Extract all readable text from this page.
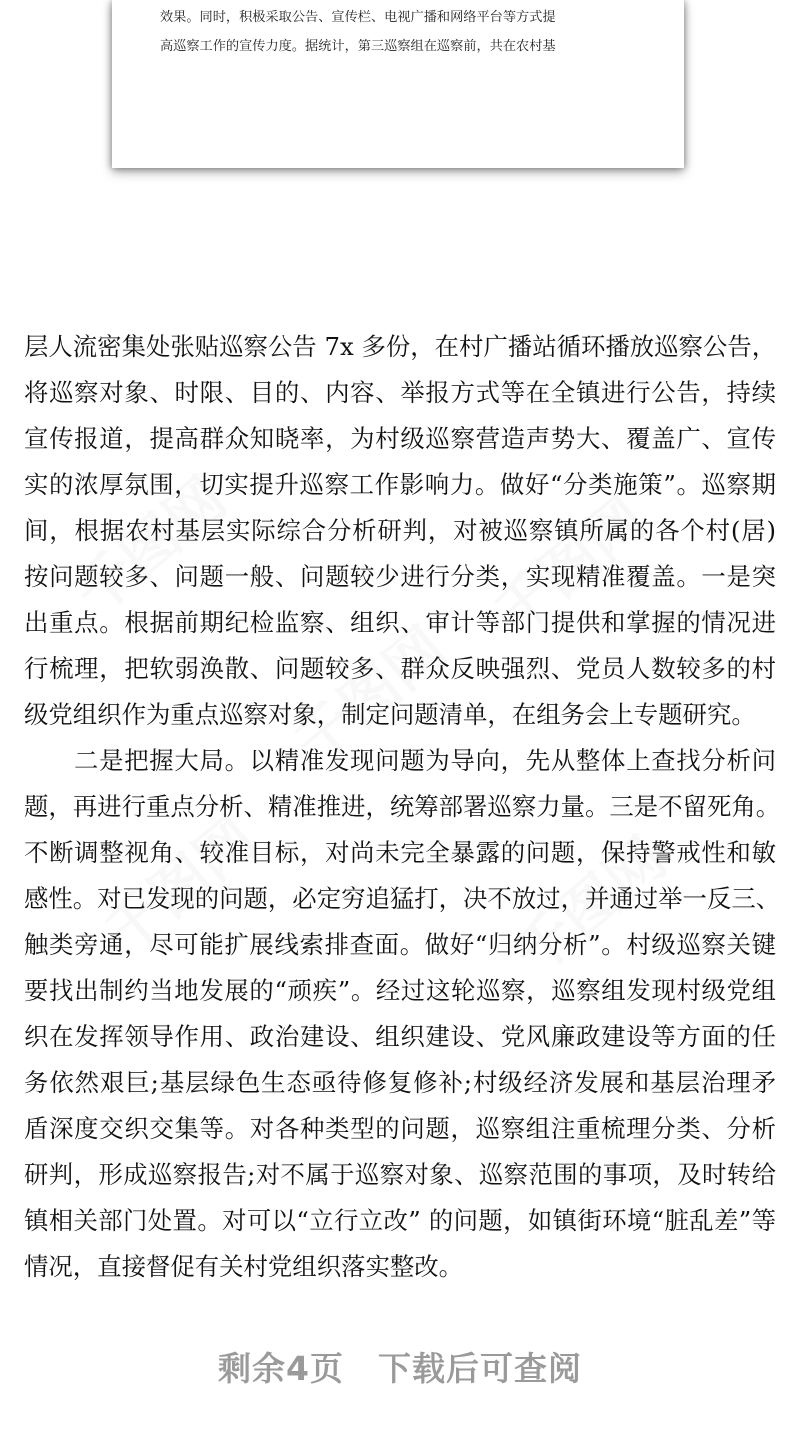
效果。同时，积极采取公告、宣传栏、电视广播和网络平台等方式提
高巡察工作的宣传力度。据统计，第三巡察组在巡察前，共在农村基
千图网	千图网
千图网
千图网	千图网
层人流密集处张贴巡察公告 7x 多份，在村广播站循环播放巡察公告，
将巡察对象、时限、目的、内容、举报方式等在全镇进行公告，持续
宣传报道，提高群众知晓率，为村级巡察营造声势大、覆盖广、宣传
实的浓厚氛围，切实提升巡察工作影响力。做好“分类施策”。巡察期
间，根据农村基层实际综合分析研判，对被巡察镇所属的各个村(居)
按问题较多、问题一般、问题较少进行分类，实现精准覆盖。一是突
出重点。根据前期纪检监察、组织、审计等部门提供和掌握的情况进
行梳理，把软弱涣散、问题较多、群众反映强烈、党员人数较多的村
级党组织作为重点巡察对象，制定问题清单，在组务会上专题研究。
二是把握大局。以精准发现问题为导向，先从整体上查找分析问
题，再进行重点分析、精准推进，统筹部署巡察力量。三是不留死角。
不断调整视角、较准目标，对尚未完全暴露的问题，保持警戒性和敏
感性。对已发现的问题，必定穷追猛打，决不放过，并通过举一反三、
触类旁通，尽可能扩展线索排查面。做好“归纳分析”。村级巡察关键
要找出制约当地发展的“顽疾”。经过这轮巡察，巡察组发现村级党组
织在发挥领导作用、政治建设、组织建设、党风廉政建设等方面的任
务依然艰巨;基层绿色生态亟待修复修补;村级经济发展和基层治理矛
盾深度交织交集等。对各种类型的问题，巡察组注重梳理分类、分析
研判，形成巡察报告;对不属于巡察对象、巡察范围的事项，及时转给
镇相关部门处置。对可以“立行立改” 的问题，如镇街环境“脏乱差”等
情况，直接督促有关村党组织落实整改。
剩余4页 下载后可查阅
